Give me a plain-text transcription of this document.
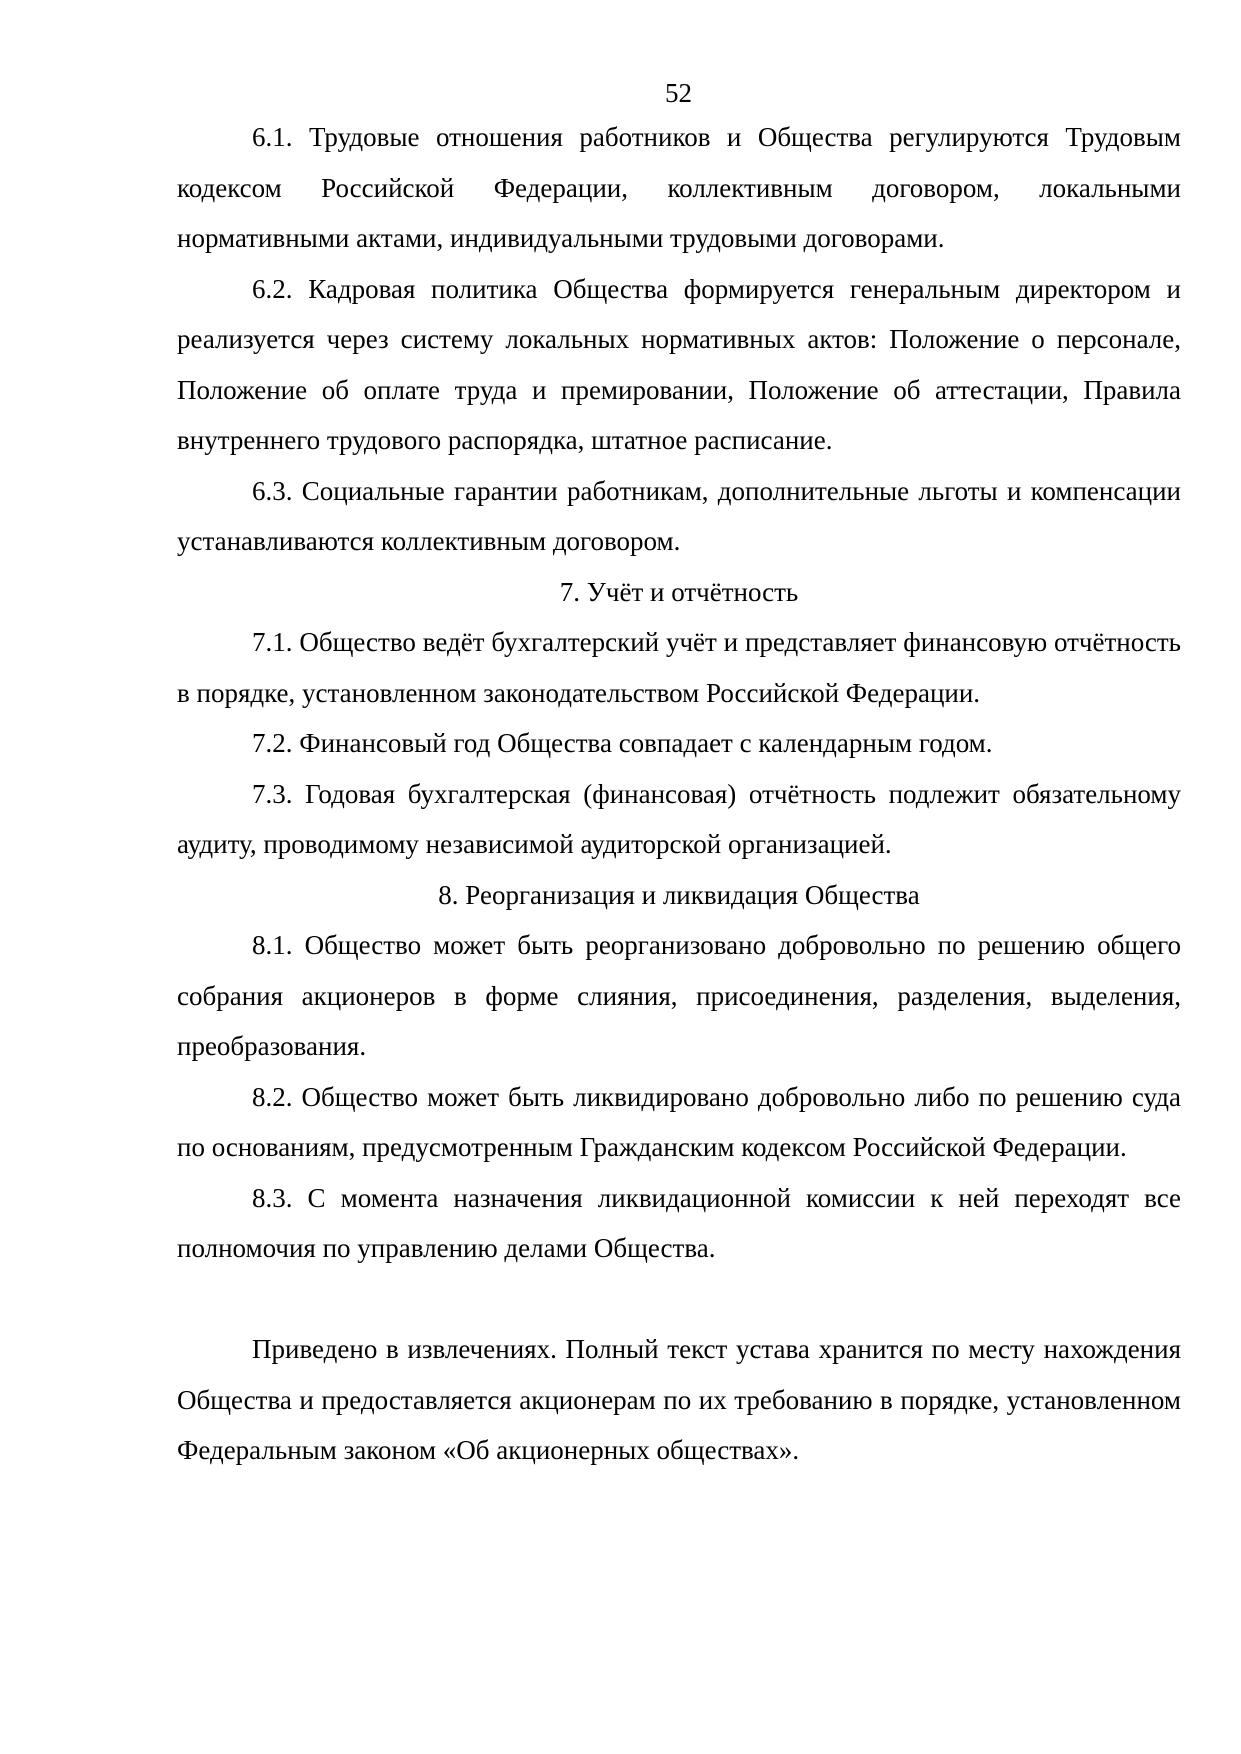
52

6.1. Трудовые отношения работников и Общества регулируются Трудовым кодексом Российской Федерации, коллективным договором, локальными нормативными актами, индивидуальными трудовыми договорами.

6.2. Кадровая политика Общества формируется генеральным директором и реализуется через систему локальных нормативных актов: Положение о персонале, Положение об оплате труда и премировании, Положение об аттестации, Правила внутреннего трудового распорядка, штатное расписание.

6.3. Социальные гарантии работникам, дополнительные льготы и компенсации устанавливаются коллективным договором.

7. Учёт и отчётность

7.1. Общество ведёт бухгалтерский учёт и представляет финансовую отчётность в порядке, установленном законодательством Российской Федерации.

7.2. Финансовый год Общества совпадает с календарным годом.

7.3. Годовая бухгалтерская (финансовая) отчётность подлежит обязательному аудиту, проводимому независимой аудиторской организацией.

8. Реорганизация и ликвидация Общества

8.1. Общество может быть реорганизовано добровольно по решению общего собрания акционеров в форме слияния, присоединения, разделения, выделения, преобразования.

8.2. Общество может быть ликвидировано добровольно либо по решению суда по основаниям, предусмотренным Гражданским кодексом Российской Федерации.

8.3. С момента назначения ликвидационной комиссии к ней переходят все полномочия по управлению делами Общества.

Приведено в извлечениях. Полный текст устава хранится по месту нахождения Общества и предоставляется акционерам по их требованию в порядке, установленном Федеральным законом «Об акционерных обществах».
